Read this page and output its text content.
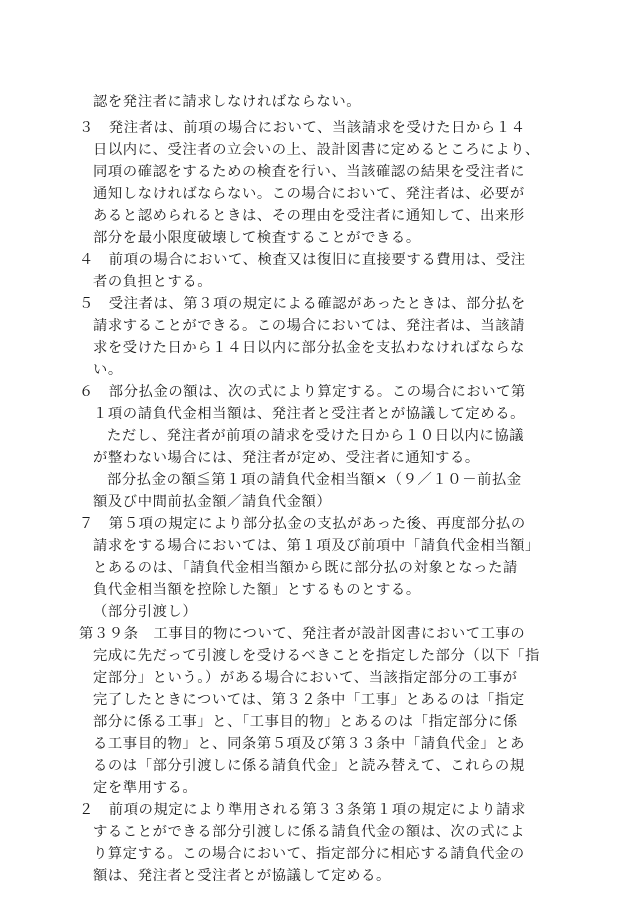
認を発注者に請求しなければならない。
３　発注者は、前項の場合において、当該請求を受けた日から１４
日以内に、受注者の立会いの上、設計図書に定めるところにより、
同項の確認をするための検査を行い、当該確認の結果を受注者に
通知しなければならない。この場合において、発注者は、必要が
あると認められるときは、その理由を受注者に通知して、出来形
部分を最小限度破壊して検査することができる。
４　前項の場合において、検査又は復旧に直接要する費用は、受注
者の負担とする。
５　受注者は、第３項の規定による確認があったときは、部分払を
請求することができる。この場合においては、発注者は、当該請
求を受けた日から１４日以内に部分払金を支払わなければならな
い。
６　部分払金の額は、次の式により算定する。この場合において第
１項の請負代金相当額は、発注者と受注者とが協議して定める。
ただし、発注者が前項の請求を受けた日から１０日以内に協議
が整わない場合には、発注者が定め、受注者に通知する。
部分払金の額≦第１項の請負代金相当額×（９／１０－前払金
額及び中間前払金額／請負代金額）
７　第５項の規定により部分払金の支払があった後、再度部分払の
請求をする場合においては、第１項及び前項中「請負代金相当額」
とあるのは、「請負代金相当額から既に部分払の対象となった請
負代金相当額を控除した額」とするものとする。
（部分引渡し）
第３９条　工事目的物について、発注者が設計図書において工事の
完成に先だって引渡しを受けるべきことを指定した部分（以下「指
定部分」という。）がある場合において、当該指定部分の工事が
完了したときについては、第３２条中「工事」とあるのは「指定
部分に係る工事」と、「工事目的物」とあるのは「指定部分に係
る工事目的物」と、同条第５項及び第３３条中「請負代金」とあ
るのは「部分引渡しに係る請負代金」と読み替えて、これらの規
定を準用する。
２　前項の規定により準用される第３３条第１項の規定により請求
することができる部分引渡しに係る請負代金の額は、次の式によ
り算定する。この場合において、指定部分に相応する請負代金の
額は、発注者と受注者とが協議して定める。
